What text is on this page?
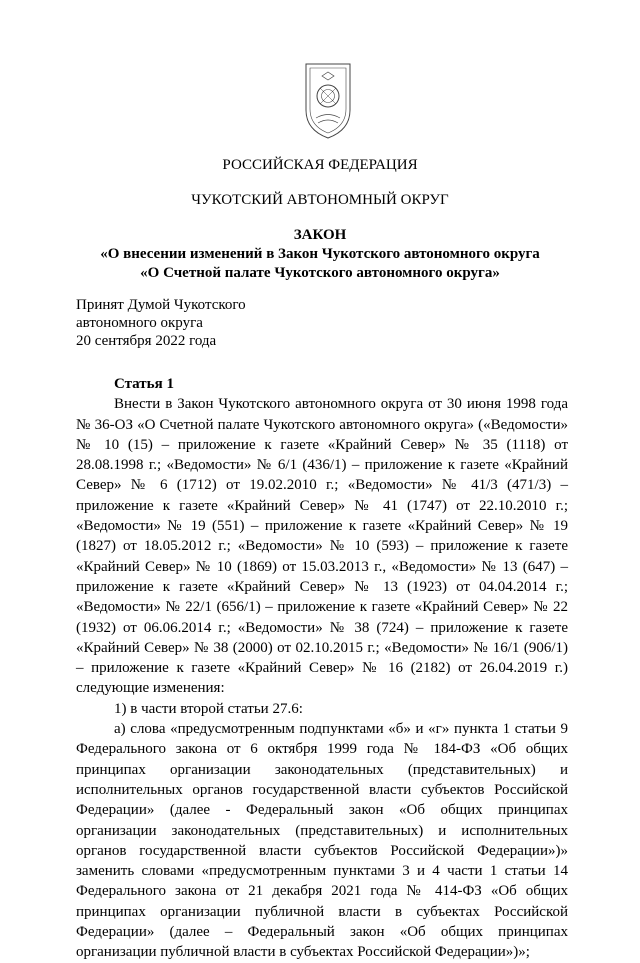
РОССИЙСКАЯ ФЕДЕРАЦИЯ
ЧУКОТСКИЙ АВТОНОМНЫЙ ОКРУГ
ЗАКОН
«О внесении изменений в Закон Чукотского автономного округа
«О Счетной палате Чукотского автономного округа»
Принят Думой Чукотского
автономного округа
20 сентября 2022 года

Статья 1

Внести в Закон Чукотского автономного округа от 30 июня 1998 года № 36-ОЗ «О Счетной палате Чукотского автономного округа» («Ведомости» № 10 (15) – приложение к газете «Крайний Север» № 35 (1118) от 28.08.1998 г.; «Ведомости» № 6/1 (436/1) – приложение к газете «Крайний Север» № 6 (1712) от 19.02.2010 г.; «Ведомости» № 41/3 (471/3) – приложение к газете «Крайний Север» № 41 (1747) от 22.10.2010 г.; «Ведомости» № 19 (551) – приложение к газете «Крайний Север» № 19 (1827) от 18.05.2012 г.; «Ведомости» № 10 (593) – приложение к газете «Крайний Север» № 10 (1869) от 15.03.2013 г., «Ведомости» № 13 (647) – приложение к газете «Крайний Север» № 13 (1923) от 04.04.2014 г.; «Ведомости» № 22/1 (656/1) – приложение к газете «Крайний Север» № 22 (1932) от 06.06.2014 г.; «Ведомости» № 38 (724) – приложение к газете «Крайний Север» № 38 (2000) от 02.10.2015 г.; «Ведомости» № 16/1 (906/1) – приложение к газете «Крайний Север» № 16 (2182) от 26.04.2019 г.) следующие изменения:

1) в части второй статьи 27.6:

а) слова «предусмотренным подпунктами «б» и «г» пункта 1 статьи 9 Федерального закона от 6 октября 1999 года № 184-ФЗ «Об общих принципах организации законодательных (представительных) и исполнительных органов государственной власти субъектов Российской Федерации» (далее - Федеральный закон «Об общих принципах организации законодательных (представительных) и исполнительных органов государственной власти субъектов Российской Федерации»)» заменить словами «предусмотренным пунктами 3 и 4 части 1 статьи 14 Федерального закона от 21 декабря 2021 года № 414-ФЗ «Об общих принципах организации публичной власти в субъектах Российской Федерации» (далее – Федеральный закон «Об общих принципах организации публичной власти в субъектах Российской Федерации»)»;
